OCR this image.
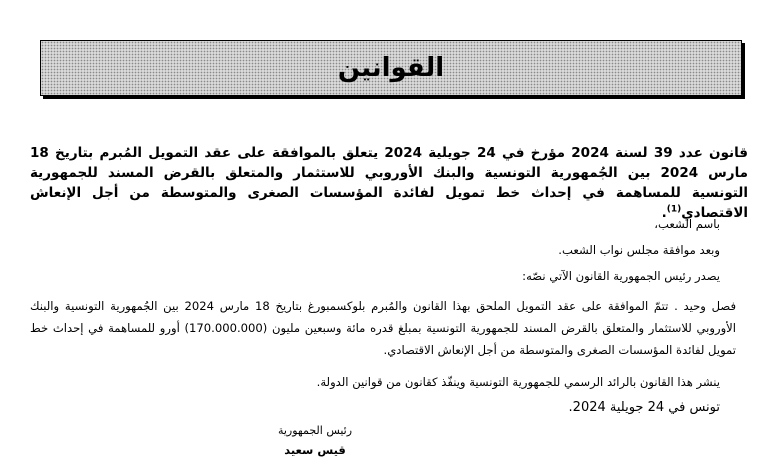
القوانين
قانون عدد 39 لسنة 2024 مؤرخ في 24 جويلية 2024 يتعلق بالموافقة على عقد التمويل المُبرم بتاريخ 18 مارس 2024 بين الجُمهورية التونسية والبنك الأوروبي للاستثمار والمتعلق بالقرض المسند للجمهورية التونسية للمساهمة في إحداث خط تمويل لفائدة المؤسسات الصغرى والمتوسطة من أجل الإنعاش الاقتصادي$^{(1)}$.
باسم الشعب،
وبعد موافقة مجلس نواب الشعب.
يصدر رئيس الجمهورية القانون الآتي نصّه:
فصل وحيد . تتمّ الموافقة على عقد التمويل الملحق بهذا القانون والمُبرم بلوكسمبورغ بتاريخ 18 مارس 2024 بين الجُمهورية التونسية والبنك الأوروبي للاستثمار والمتعلق بالقرض المسند للجمهورية التونسية بمبلغ قدره مائة وسبعين مليون (170.000.000) أورو للمساهمة في إحداث خط تمويل لفائدة المؤسسات الصغرى والمتوسطة من أجل الإنعاش الاقتصادي.
ينشر هذا القانون بالرائد الرسمي للجمهورية التونسية وينفّذ كقانون من قوانين الدولة.
تونس في 24 جويلية 2024.
رئيس الجمهورية
قيس سعيد
